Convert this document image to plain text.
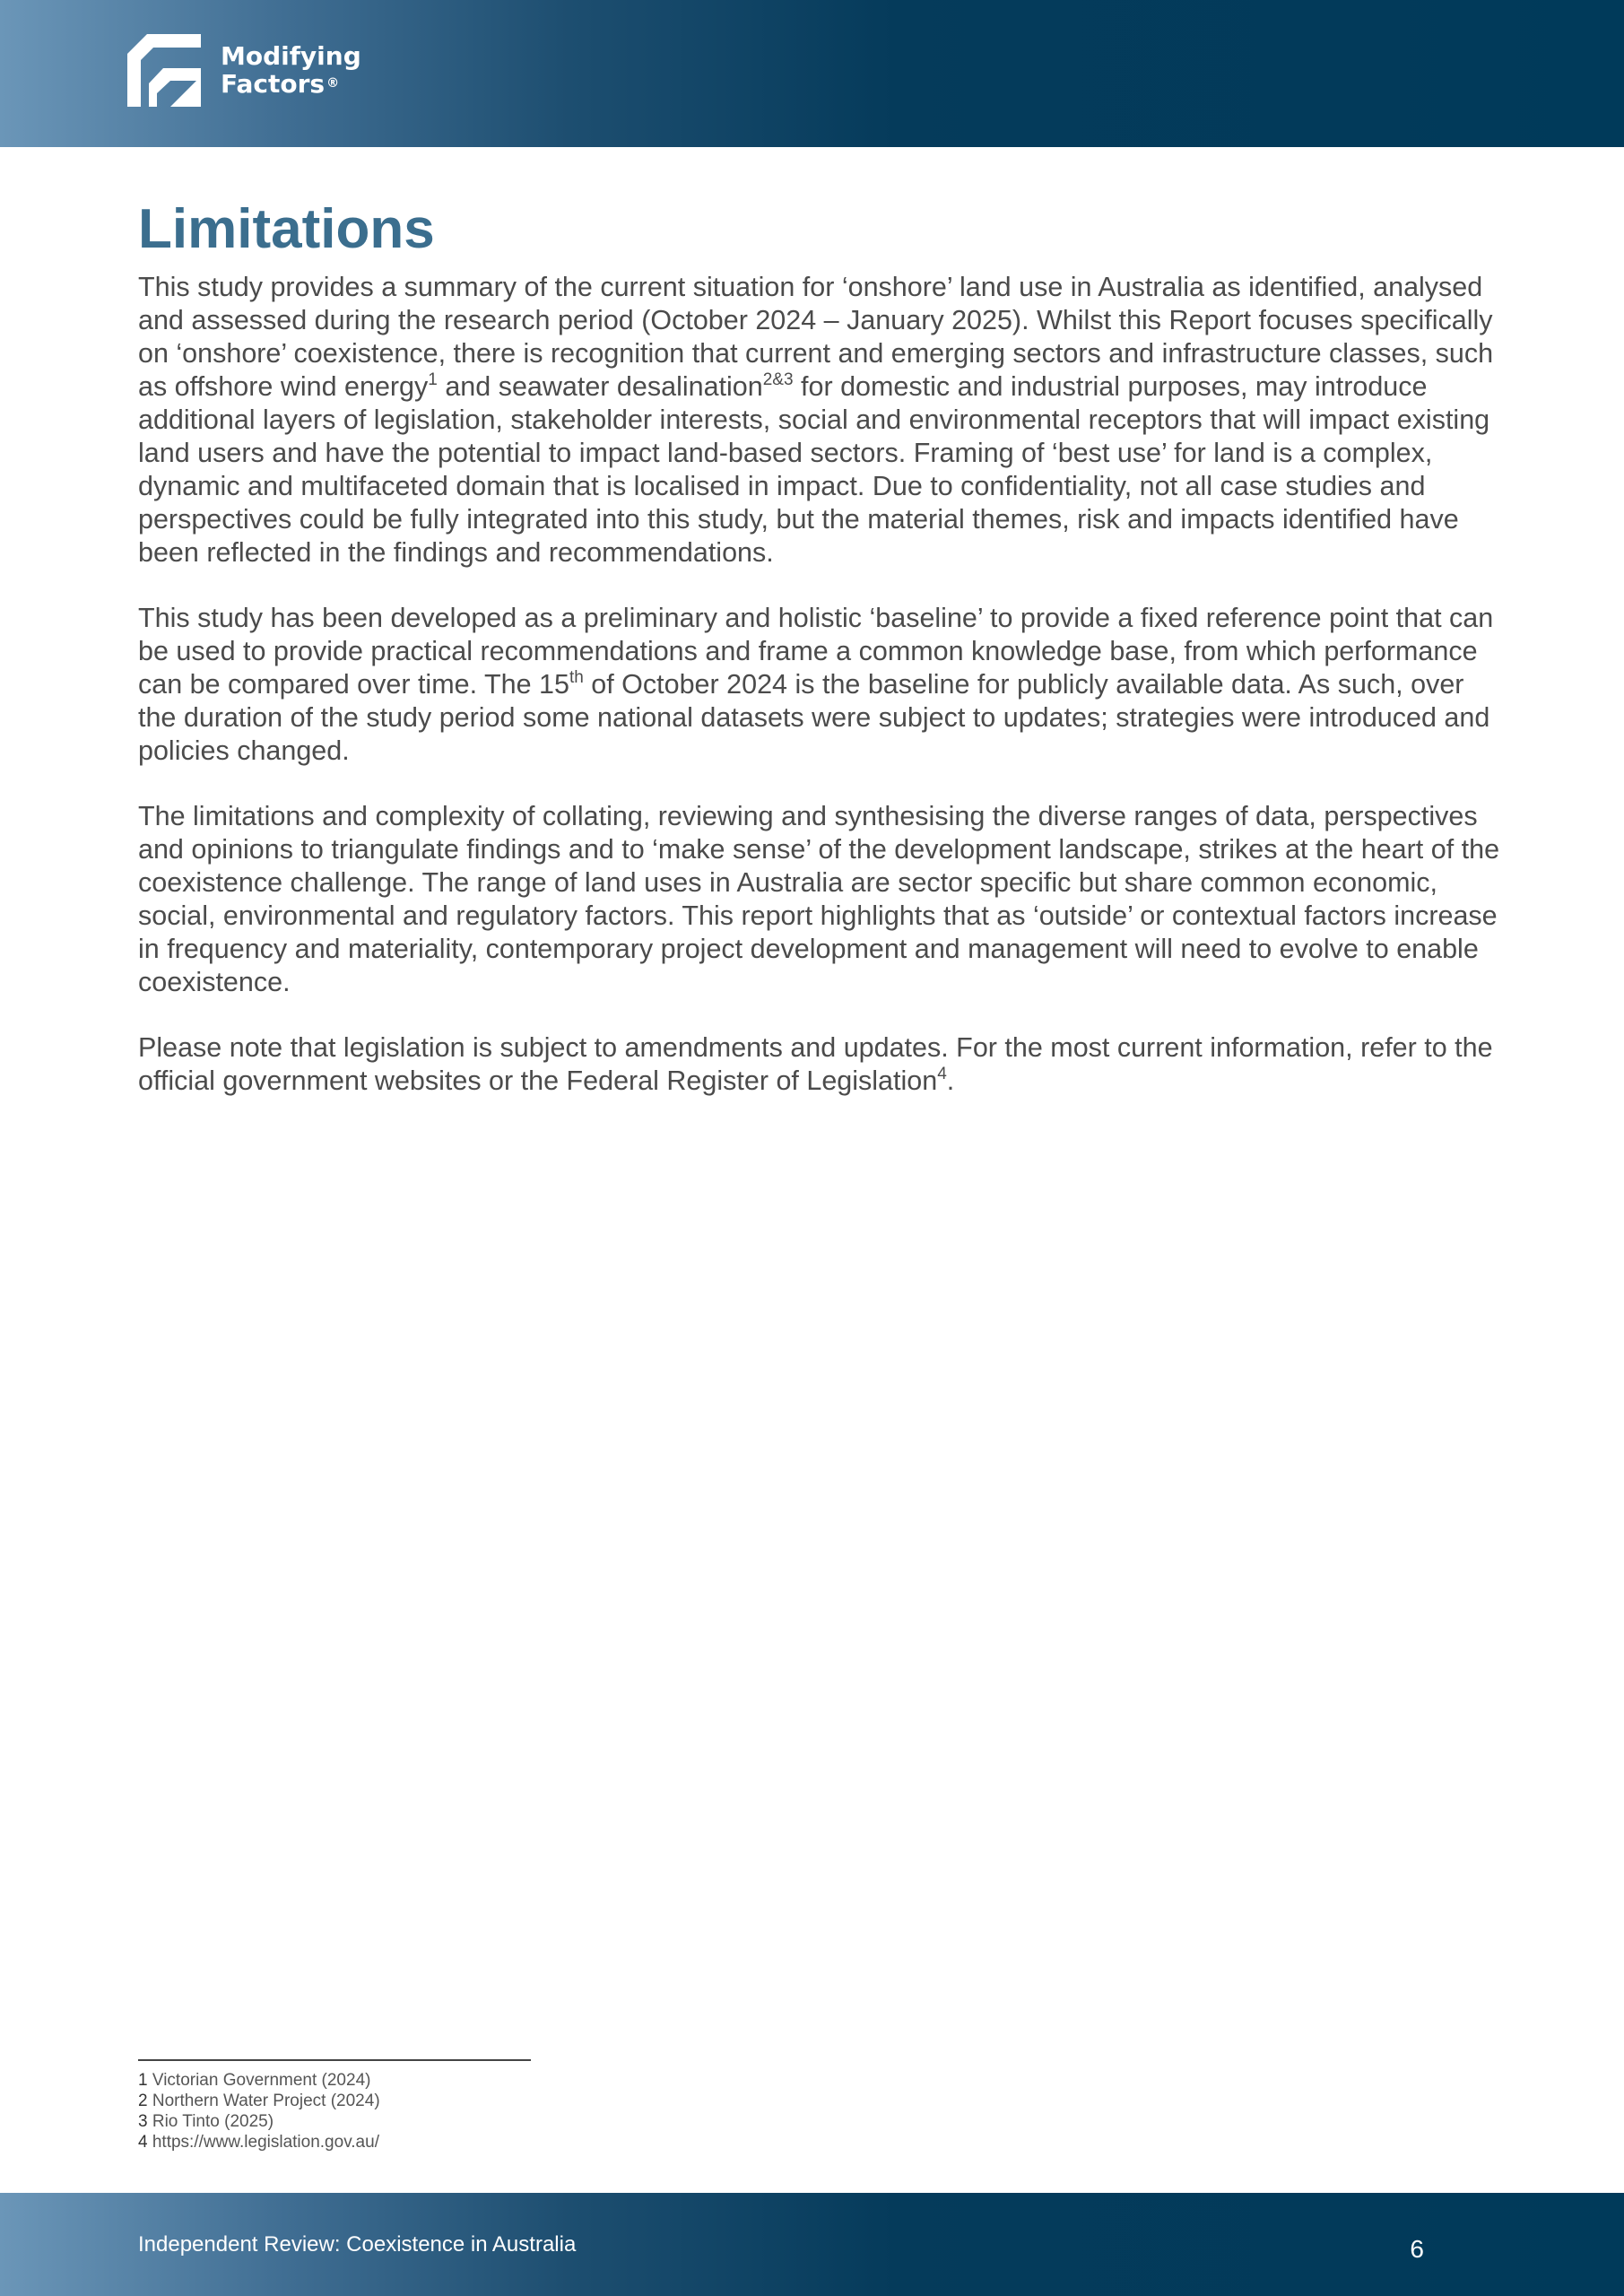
Modifying
Factors ®
Limitations

This study provides a summary of the current situation for ‘onshore’ land use in Australia as identified, analysed and assessed during the research period (October 2024 – January 2025). Whilst this Report focuses specifically on ‘onshore’ coexistence, there is recognition that current and emerging sectors and infrastructure classes, such as offshore wind energy$^1$ and seawater desalination$^{2\&3}$ for domestic and industrial purposes, may introduce additional layers of legislation, stakeholder interests, social and environmental receptors that will impact existing land users and have the potential to impact land-based sectors. Framing of ‘best use’ for land is a complex, dynamic and multifaceted domain that is localised in impact. Due to confidentiality, not all case studies and perspectives could be fully integrated into this study, but the material themes, risk and impacts identified have been reflected in the findings and recommendations.

This study has been developed as a preliminary and holistic ‘baseline’ to provide a fixed reference point that can be used to provide practical recommendations and frame a common knowledge base, from which performance can be compared over time. The 15th of October 2024 is the baseline for publicly available data. As such, over the duration of the study period some national datasets were subject to updates; strategies were introduced and policies changed.

The limitations and complexity of collating, reviewing and synthesising the diverse ranges of data, perspectives and opinions to triangulate findings and to ‘make sense’ of the development landscape, strikes at the heart of the coexistence challenge. The range of land uses in Australia are sector specific but share common economic, social, environmental and regulatory factors. This report highlights that as ‘outside’ or contextual factors increase in frequency and materiality, contemporary project development and management will need to evolve to enable coexistence.

Please note that legislation is subject to amendments and updates. For the most current information, refer to the official government websites or the Federal Register of Legislation$^4$.

1 Victorian Government (2024)
2 Northern Water Project (2024)
3 Rio Tinto (2025)
4 https://www.legislation.gov.au/
Independent Review: Coexistence in Australia	6
